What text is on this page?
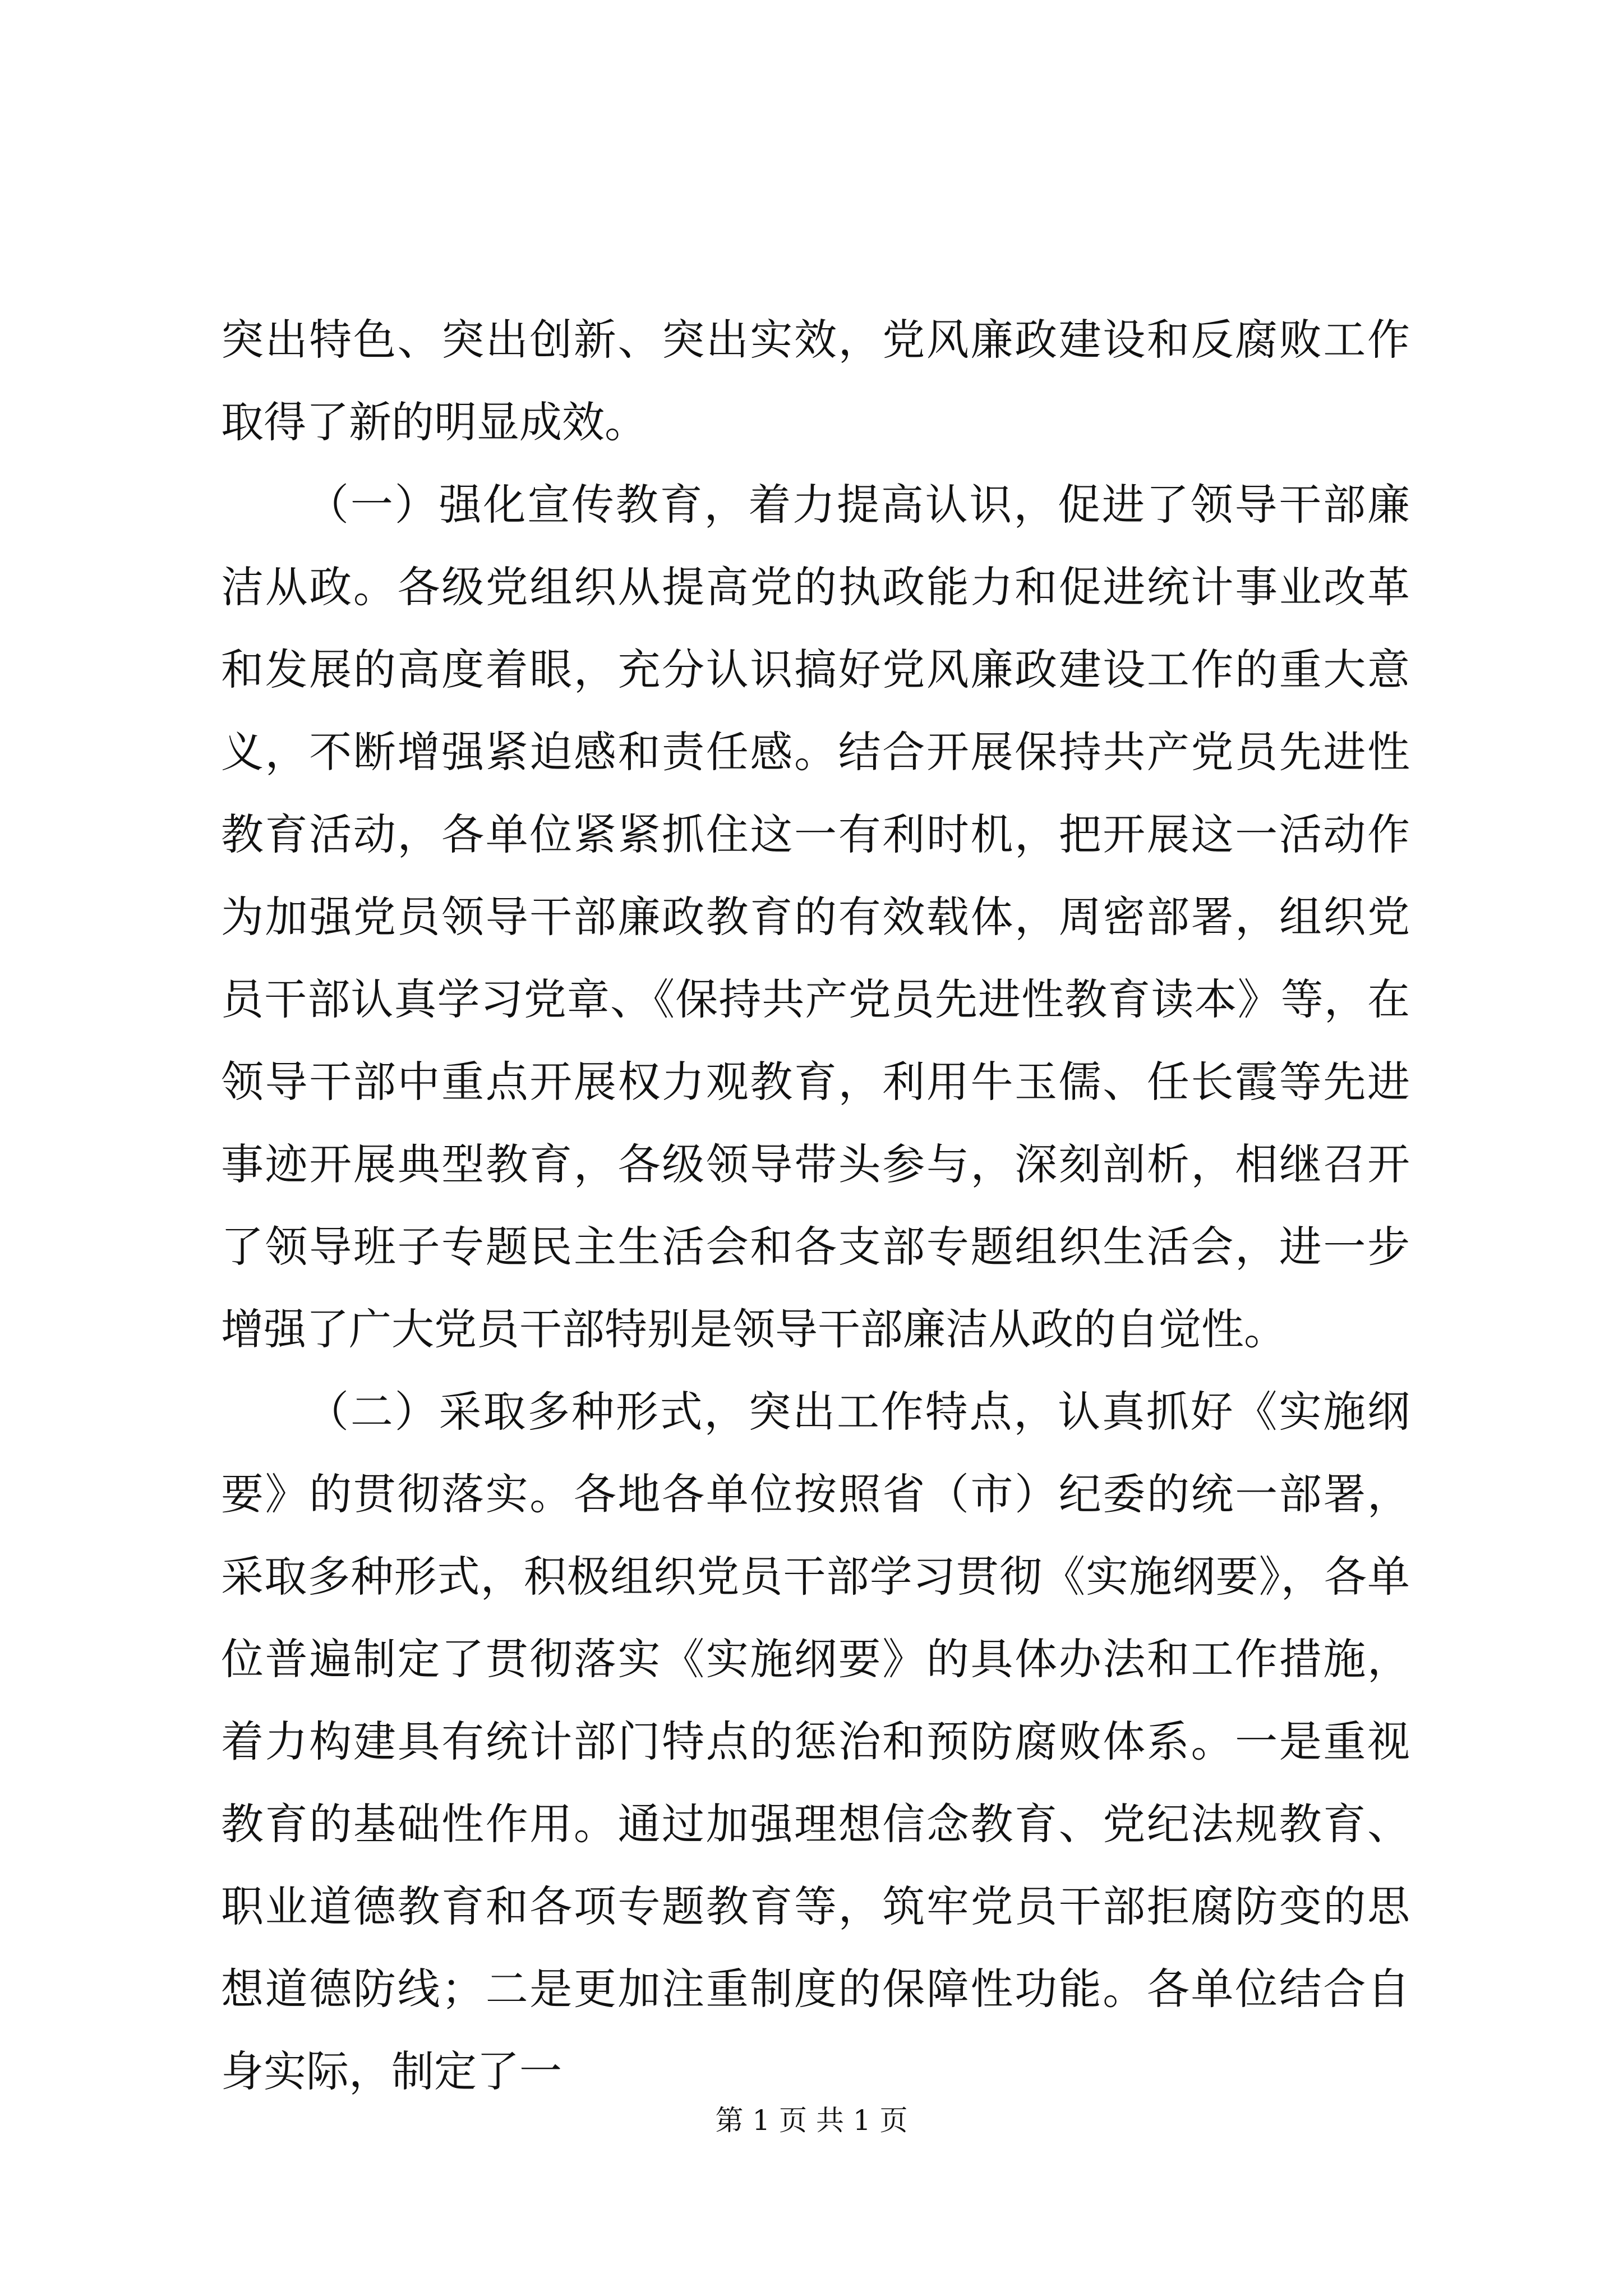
突出特色、突出创新、突出实效，党风廉政建设和反腐败工作取得了新的明显成效。

（一）强化宣传教育，着力提高认识，促进了领导干部廉洁从政。各级党组织从提高党的执政能力和促进统计事业改革和发展的高度着眼，充分认识搞好党风廉政建设工作的重大意义，不断增强紧迫感和责任感。结合开展保持共产党员先进性教育活动，各单位紧紧抓住这一有利时机，把开展这一活动作为加强党员领导干部廉政教育的有效载体，周密部署，组织党员干部认真学习党章、《保持共产党员先进性教育读本》等，在领导干部中重点开展权力观教育，利用牛玉儒、任长霞等先进事迹开展典型教育，各级领导带头参与，深刻剖析，相继召开了领导班子专题民主生活会和各支部专题组织生活会，进一步增强了广大党员干部特别是领导干部廉洁从政的自觉性。

（二）采取多种形式，突出工作特点，认真抓好《实施纲要》的贯彻落实。各地各单位按照省（市）纪委的统一部署，采取多种形式，积极组织党员干部学习贯彻《实施纲要》，各单位普遍制定了贯彻落实《实施纲要》的具体办法和工作措施，着力构建具有统计部门特点的惩治和预防腐败体系。一是重视教育的基础性作用。通过加强理想信念教育、党纪法规教育、职业道德教育和各项专题教育等，筑牢党员干部拒腐防变的思想道德防线；二是更加注重制度的保障性功能。各单位结合自身实际，制定了一

第 1 页 共 1 页
